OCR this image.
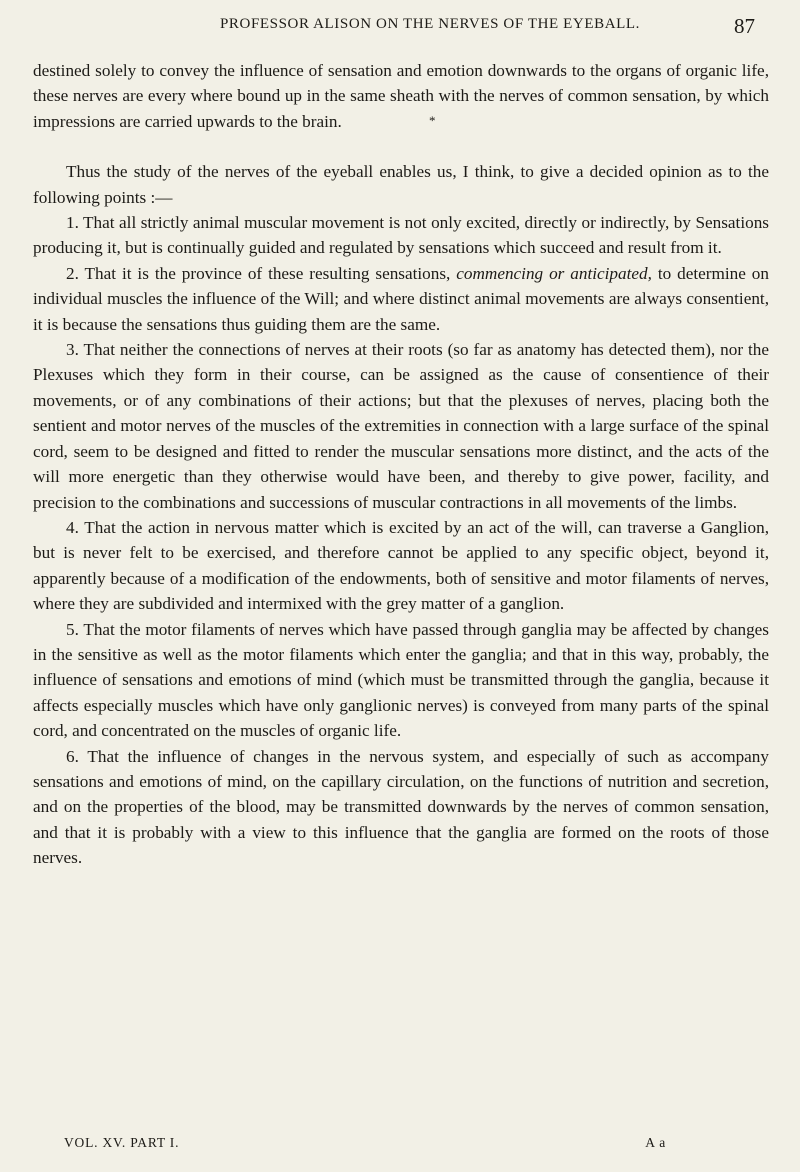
PROFESSOR ALISON ON THE NERVES OF THE EYEBALL.	87
*

destined solely to convey the influence of sensation and emotion downwards to the organs of organic life, these nerves are every where bound up in the same sheath with the nerves of common sensation, by which impressions are carried upwards to the brain.

Thus the study of the nerves of the eyeball enables us, I think, to give a decided opinion as to the following points :—

1. That all strictly animal muscular movement is not only excited, directly or indirectly, by Sensations producing it, but is continually guided and regulated by sensations which succeed and result from it.

2. That it is the province of these resulting sensations, commencing or anticipated, to determine on individual muscles the influence of the Will; and where distinct animal movements are always consentient, it is because the sensations thus guiding them are the same.

3. That neither the connections of nerves at their roots (so far as anatomy has detected them), nor the Plexuses which they form in their course, can be assigned as the cause of consentience of their movements, or of any combinations of their actions; but that the plexuses of nerves, placing both the sentient and motor nerves of the muscles of the extremities in connection with a large surface of the spinal cord, seem to be designed and fitted to render the muscular sensations more distinct, and the acts of the will more energetic than they otherwise would have been, and thereby to give power, facility, and precision to the combinations and successions of muscular contractions in all movements of the limbs.

4. That the action in nervous matter which is excited by an act of the will, can traverse a Ganglion, but is never felt to be exercised, and therefore cannot be applied to any specific object, beyond it, apparently because of a modification of the endowments, both of sensitive and motor filaments of nerves, where they are subdivided and intermixed with the grey matter of a ganglion.

5. That the motor filaments of nerves which have passed through ganglia may be affected by changes in the sensitive as well as the motor filaments which enter the ganglia; and that in this way, probably, the influence of sensations and emotions of mind (which must be transmitted through the ganglia, because it affects especially muscles which have only ganglionic nerves) is conveyed from many parts of the spinal cord, and concentrated on the muscles of organic life.

6. That the influence of changes in the nervous system, and especially of such as accompany sensations and emotions of mind, on the capillary circulation, on the functions of nutrition and secretion, and on the properties of the blood, may be transmitted downwards by the nerves of common sensation, and that it is probably with a view to this influence that the ganglia are formed on the roots of those nerves.

VOL. XV. PART I.	A a
